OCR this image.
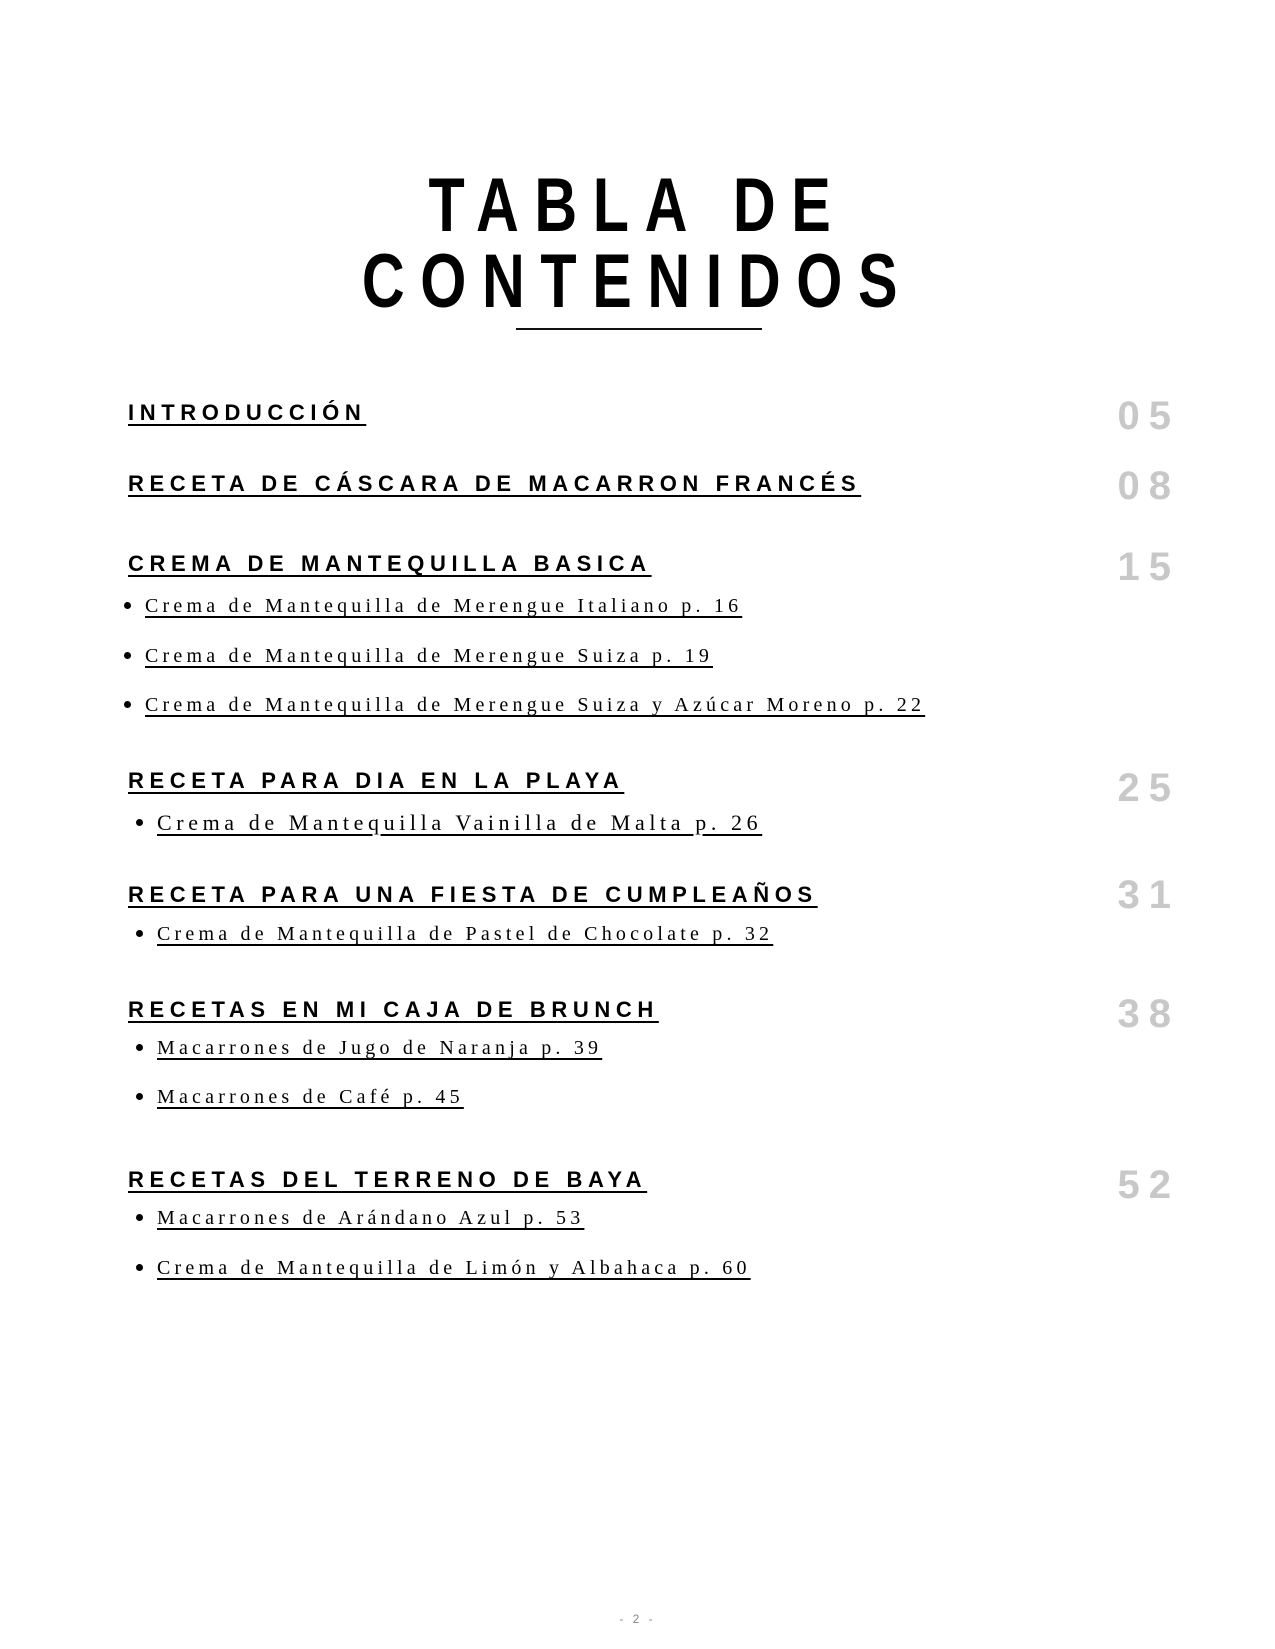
TABLA DE CONTENIDOS
INTRODUCCIÓN	05
RECETA DE CÁSCARA DE MACARRON FRANCÉS	08
CREMA DE MANTEQUILLA BASICA	15
Crema de Mantequilla de Merengue Italiano p. 16
Crema de Mantequilla de Merengue Suiza p. 19
Crema de Mantequilla de Merengue Suiza y Azúcar Moreno p. 22
RECETA PARA DIA EN LA PLAYA	25
Crema de Mantequilla Vainilla de Malta p. 26
RECETA PARA UNA FIESTA DE CUMPLEAÑOS	31
Crema de Mantequilla de Pastel de Chocolate p. 32
RECETAS EN MI CAJA DE BRUNCH	38
Macarrones de Jugo de Naranja p. 39
Macarrones de Café p. 45
RECETAS DEL TERRENO DE BAYA	52
Macarrones de Arándano Azul p. 53
Crema de Mantequilla de Limón y Albahaca p. 60
- 2 -
